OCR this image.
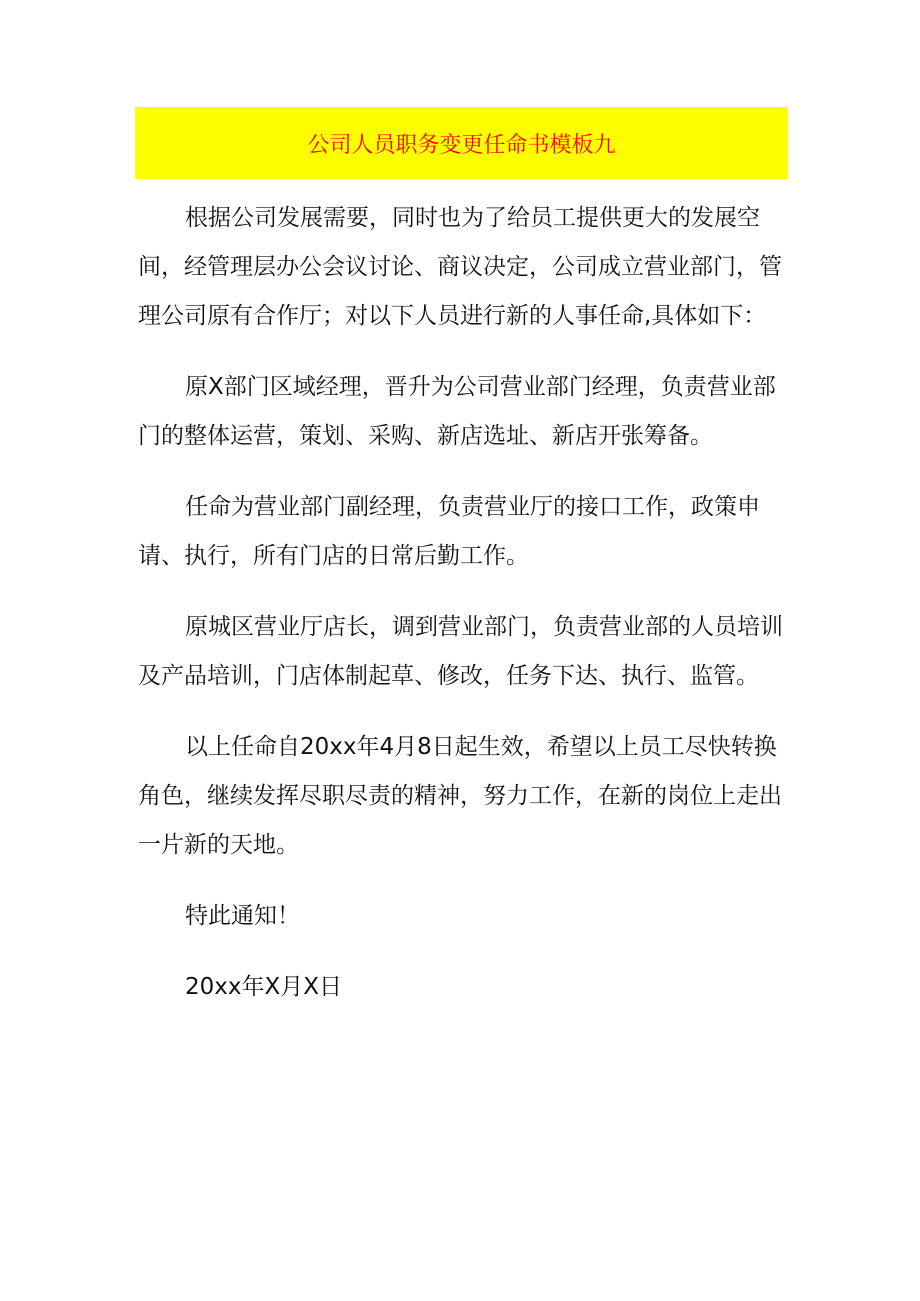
公司人员职务变更任命书模板九

根据公司发展需要，同时也为了给员工提供更大的发展空间，经管理层办公会议讨论、商议决定，公司成立营业部门，管理公司原有合作厅；对以下人员进行新的人事任命,具体如下：

原X部门区域经理，晋升为公司营业部门经理，负责营业部门的整体运营，策划、采购、新店选址、新店开张筹备。

任命为营业部门副经理，负责营业厅的接口工作，政策申请、执行，所有门店的日常后勤工作。

原城区营业厅店长，调到营业部门，负责营业部的人员培训及产品培训，门店体制起草、修改，任务下达、执行、监管。

以上任命自20xx年4月8日起生效，希望以上员工尽快转换角色，继续发挥尽职尽责的精神，努力工作，在新的岗位上走出一片新的天地。

特此通知！

20xx年X月X日
